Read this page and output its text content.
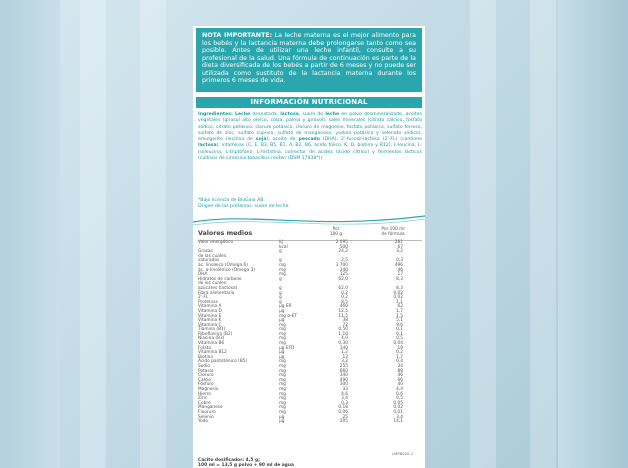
NOTA IMPORTANTE: La leche materna es el mejor alimento para los bebés y la lactancia materna debe prolongarse tanto como sea posible. Antes de utilizar una leche infantil, consulte a su profesional de la salud. Una fórmula de continuación es parte de la dieta diversificada de los bebés a partir de 6 meses y no puede ser utilizada como sustituto de la lactancia materna durante los primeros 6 meses de vida.
INFORMACIÓN NUTRICIONAL
Ingredientes: Leche desnatada, lactosa, suero de leche en polvo desmineralizado, aceites vegetales (girasol alto oleico, colza, palma y girasol), sales minerales (citrato cálcico, fosfato sódico, citrato potásico, cloruro potásico, cloruro de magnesio, fosfato potásico, sulfato ferroso, sulfato de zinc, sulfato cúprico, sulfato de manganeso, yoduro potásico y selenato sódico), emulgente (lecitina de soja), aceite de pescado (DHA), 2'-fucosil-lactosa (2'-FL) (contiene lactosa), vitaminas (C, E, B3, B5, B1, A, B2, B6, ácido fólico, K, D, biotina y B12), L-leucina, L-isoleucina, L-triptófano, L-histidina, corrector de acidez (ácido cítrico) y fermentos lácticos (cultivos de Limosilactobacillus reuteri (DSM 17938*)).
*Bajo licencia de BioGaia AB.
Origen de las proteínas: suero de leche.
Valores medios
Por
100 g
Por 100 ml
de fórmula
Valor energético	kJ	2 095	281
kcal	500	67
Grasas	g	24,2	3,2
de las cuales:
saturadas	g	2,5	0,3
ác. linoleico (Omega 6)	mg	3 700	496
ác. α-linolénico (Omega 3)	mg	340	46
DHA	mg	125	17
Hidratos de carbono	g	62,0	8,3
de los cuales:
azúcares (lactosa)	g	62,0	8,3
Fibra alimentaria	g	0,2	0,02
2'-FL	g	0,2	0,02
Proteínas	g	8,5	1,1
Vitamina A	µg ER	460	62
Vitamina D	µg	12,5	1,7
Vitamina E	mg α-ET	11,5	1,5
Vitamina K	µg	38	5,1
Vitamina C	mg	72	9,6
Tiamina (B1)	mg	0,50	0,1
Riboflavina (B2)	mg	1,10	0,1
Niacina (B3)	mg	4,0	0,5
Vitamina B6	mg	0,30	0,04
Folato	µg EFD	140	19
Vitamina B12	µg	1,2	0,2
Biotina	µg	13	1,7
Ácido pantoténico (B5)	mg	3,2	0,4
Sodio	mg	255	34
Potasio	mg	660	88
Cloruro	mg	340	46
Calcio	mg	490	66
Fósforo	mg	300	40
Magnesio	mg	33	4,4
Hierro	mg	4,6	0,6
Zinc	mg	3,4	0,5
Cobre	mg	0,3	0,05
Manganeso	mg	0,18	0,02
Fluoruro	mg	0,06	0,01
Selenio	µg	25	3,4
Yodo	µg	105	14,1
Cacito dosificador: 4,5 g;
100 ml = 13,5 g polvo + 90 ml de agua
LMP8020-1
